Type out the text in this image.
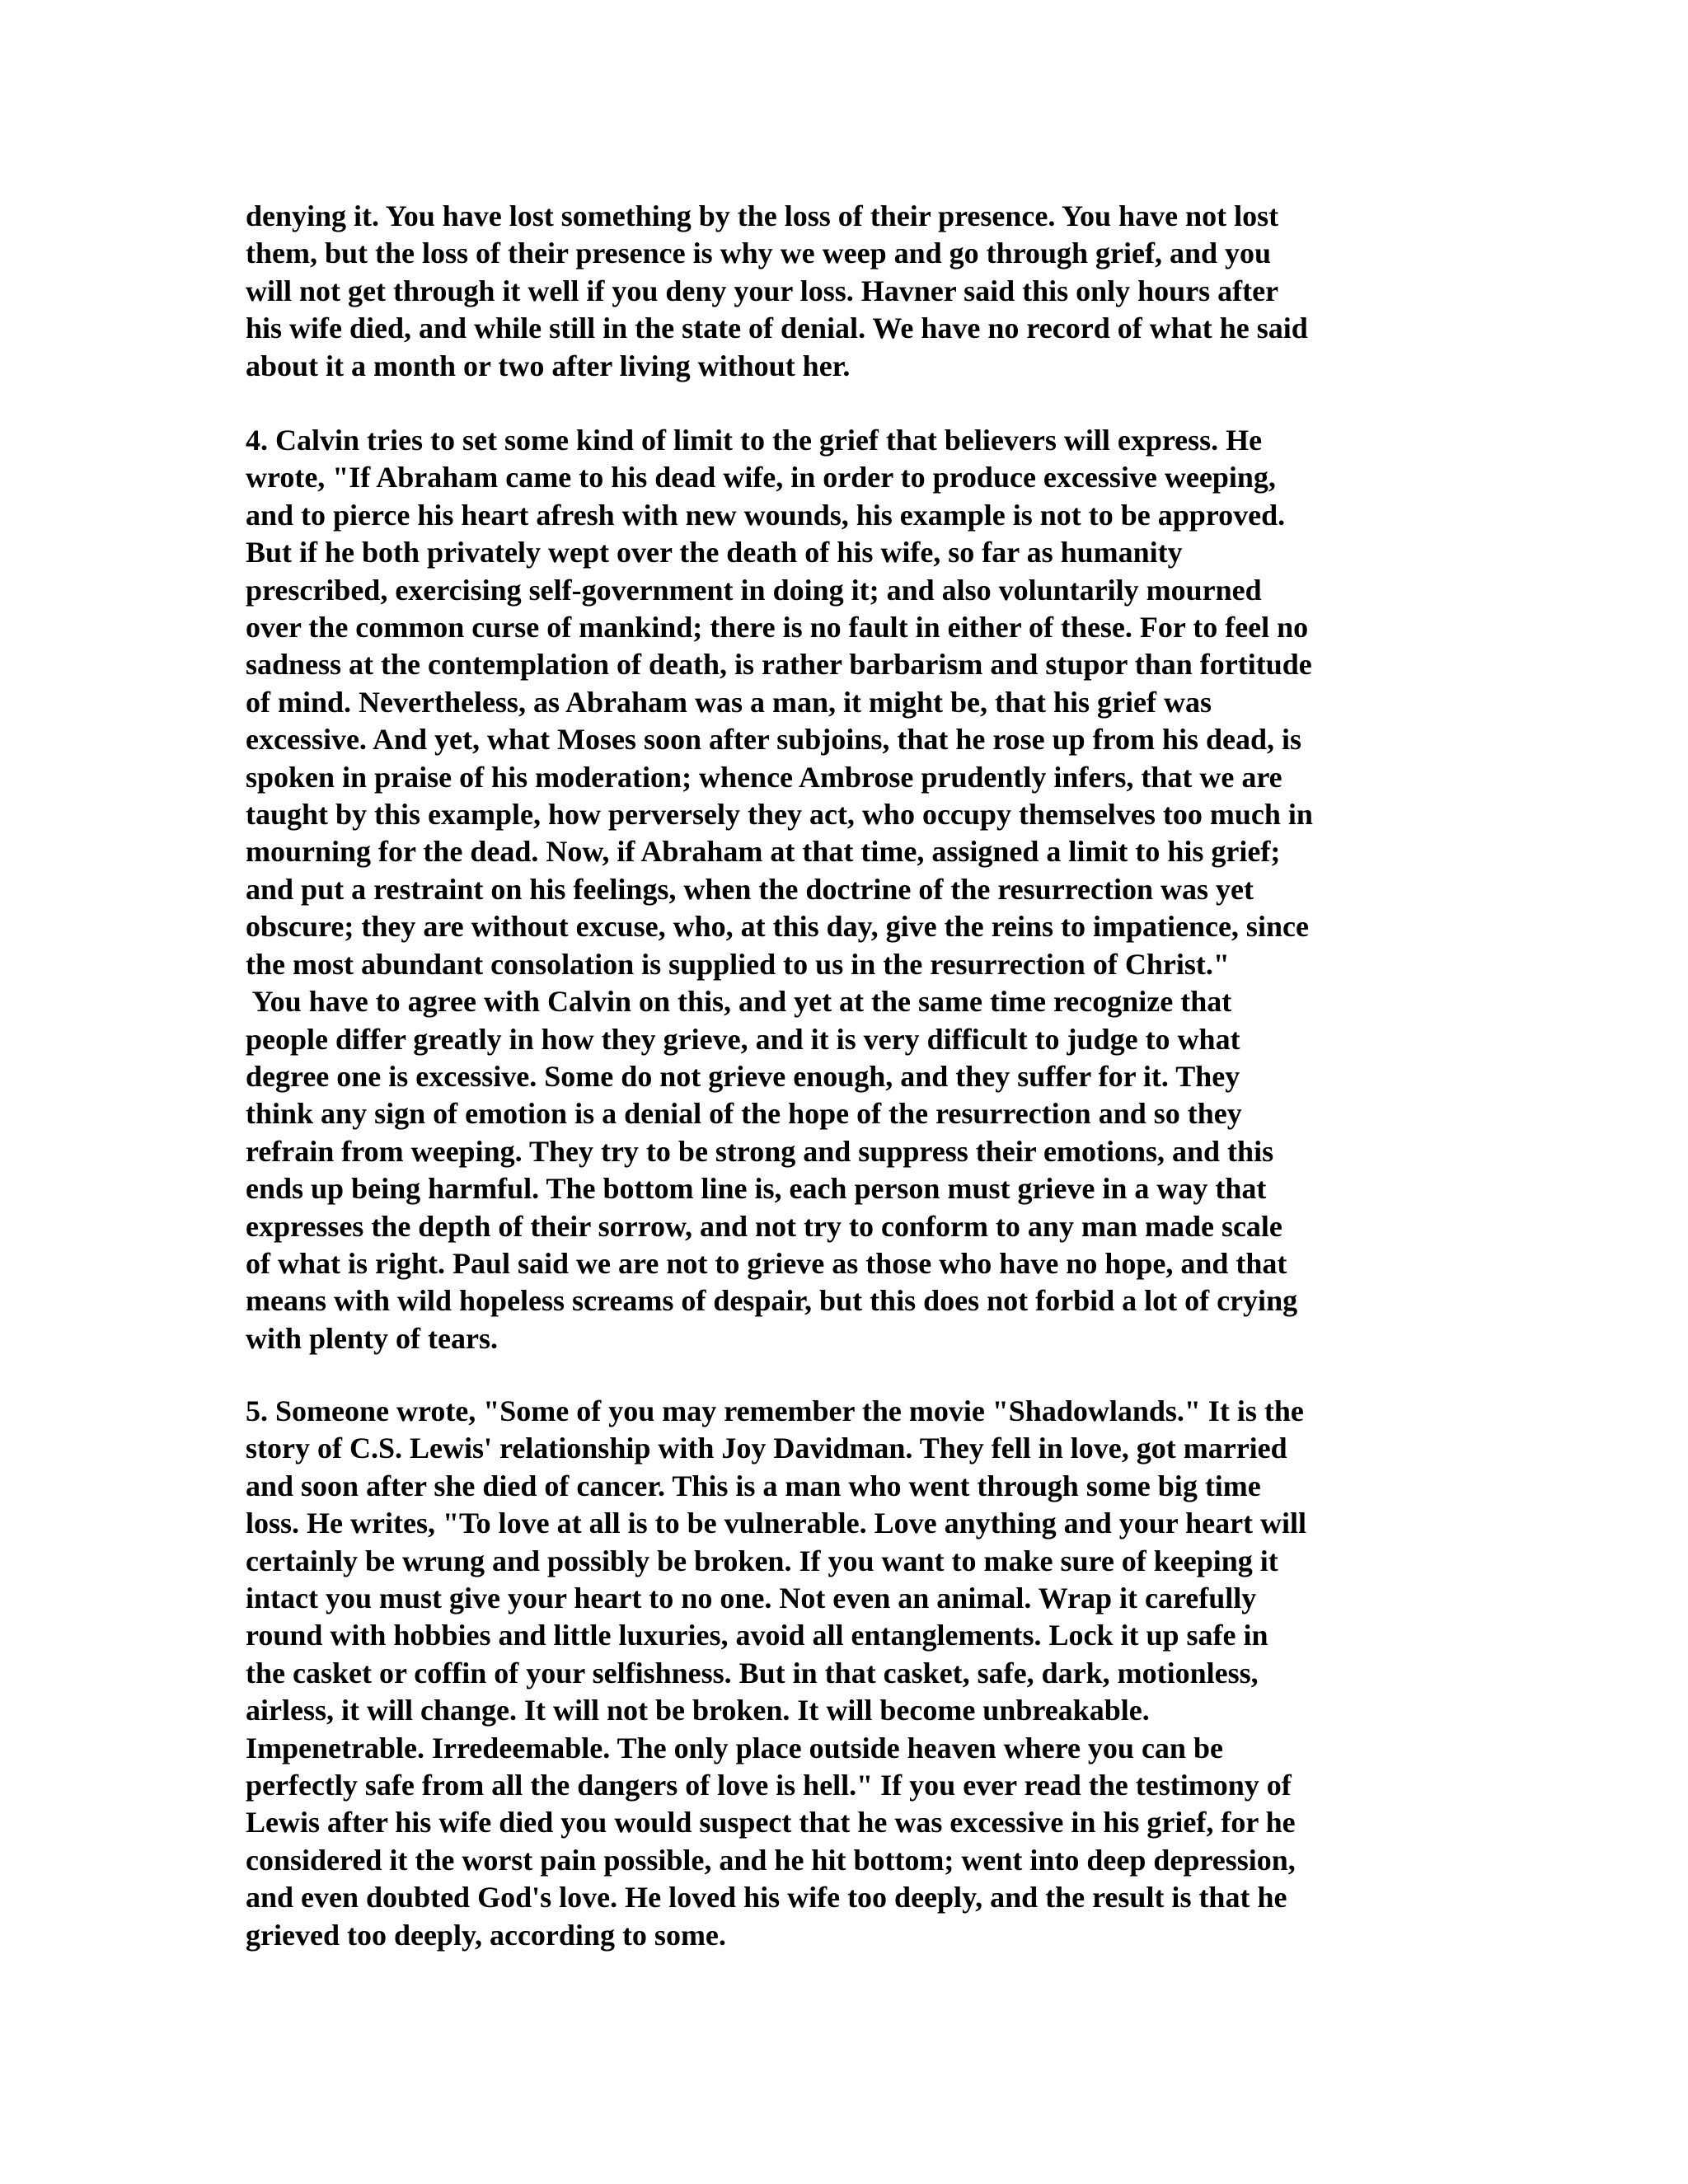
denying it. You have lost something by the loss of their presence. You have not lost
them, but the loss of their presence is why we weep and go through grief, and you
will not get through it well if you deny your loss. Havner said this only hours after
his wife died, and while still in the state of denial. We have no record of what he said
about it a month or two after living without her.

4. Calvin tries to set some kind of limit to the grief that believers will express. He
wrote, "If Abraham came to his dead wife, in order to produce excessive weeping,
and to pierce his heart afresh with new wounds, his example is not to be approved.
But if he both privately wept over the death of his wife, so far as humanity
prescribed, exercising self-government in doing it; and also voluntarily mourned
over the common curse of mankind; there is no fault in either of these. For to feel no
sadness at the contemplation of death, is rather barbarism and stupor than fortitude
of mind. Nevertheless, as Abraham was a man, it might be, that his grief was
excessive. And yet, what Moses soon after subjoins, that he rose up from his dead, is
spoken in praise of his moderation; whence Ambrose prudently infers, that we are
taught by this example, how perversely they act, who occupy themselves too much in
mourning for the dead. Now, if Abraham at that time, assigned a limit to his grief;
and put a restraint on his feelings, when the doctrine of the resurrection was yet
obscure; they are without excuse, who, at this day, give the reins to impatience, since
the most abundant consolation is supplied to us in the resurrection of Christ."
You have to agree with Calvin on this, and yet at the same time recognize that
people differ greatly in how they grieve, and it is very difficult to judge to what
degree one is excessive. Some do not grieve enough, and they suffer for it. They
think any sign of emotion is a denial of the hope of the resurrection and so they
refrain from weeping. They try to be strong and suppress their emotions, and this
ends up being harmful. The bottom line is, each person must grieve in a way that
expresses the depth of their sorrow, and not try to conform to any man made scale
of what is right. Paul said we are not to grieve as those who have no hope, and that
means with wild hopeless screams of despair, but this does not forbid a lot of crying
with plenty of tears.

5. Someone wrote, "Some of you may remember the movie "Shadowlands." It is the
story of C.S. Lewis' relationship with Joy Davidman. They fell in love, got married
and soon after she died of cancer. This is a man who went through some big time
loss. He writes, "To love at all is to be vulnerable. Love anything and your heart will
certainly be wrung and possibly be broken. If you want to make sure of keeping it
intact you must give your heart to no one. Not even an animal. Wrap it carefully
round with hobbies and little luxuries, avoid all entanglements. Lock it up safe in
the casket or coffin of your selfishness. But in that casket, safe, dark, motionless,
airless, it will change. It will not be broken. It will become unbreakable.
Impenetrable. Irredeemable. The only place outside heaven where you can be
perfectly safe from all the dangers of love is hell." If you ever read the testimony of
Lewis after his wife died you would suspect that he was excessive in his grief, for he
considered it the worst pain possible, and he hit bottom; went into deep depression,
and even doubted God's love. He loved his wife too deeply, and the result is that he
grieved too deeply, according to some.
